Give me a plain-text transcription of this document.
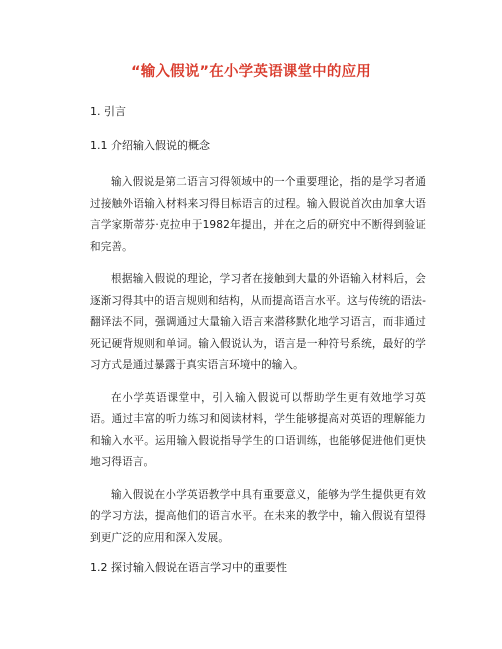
“输入假说”在小学英语课堂中的应用
1. 引言
1.1 介绍输入假说的概念

输入假说是第二语言习得领域中的一个重要理论，指的是学习者通过接触外语输入材料来习得目标语言的过程。输入假说首次由加拿大语言学家斯蒂芬·克拉申于1982年提出，并在之后的研究中不断得到验证和完善。

根据输入假说的理论，学习者在接触到大量的外语输入材料后，会逐渐习得其中的语言规则和结构，从而提高语言水平。这与传统的语法-翻译法不同，强调通过大量输入语言来潜移默化地学习语言，而非通过死记硬背规则和单词。输入假说认为，语言是一种符号系统，最好的学习方式是通过暴露于真实语言环境中的输入。

在小学英语课堂中，引入输入假说可以帮助学生更有效地学习英语。通过丰富的听力练习和阅读材料，学生能够提高对英语的理解能力和输入水平。运用输入假说指导学生的口语训练，也能够促进他们更快地习得语言。

输入假说在小学英语教学中具有重要意义，能够为学生提供更有效的学习方法，提高他们的语言水平。在未来的教学中，输入假说有望得到更广泛的应用和深入发展。

1.2 探讨输入假说在语言学习中的重要性
